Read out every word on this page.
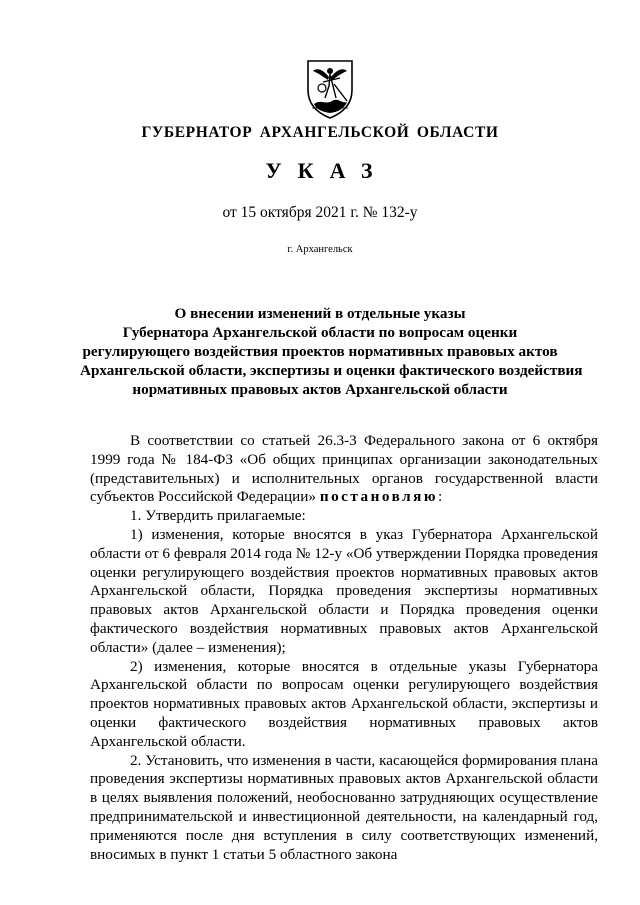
ГУБЕРНАТОР АРХАНГЕЛЬСКОЙ ОБЛАСТИ
УКАЗ
от 15 октября 2021 г. № 132-у
г. Архангельск
О внесении изменений в отдельные указы
Губернатора Архангельской области по вопросам оценки
регулирующего воздействия проектов нормативных правовых актов
Архангельской области, экспертизы и оценки фактического воздействия
нормативных правовых актов Архангельской области

В соответствии со статьей 26.3-3 Федерального закона от 6 октября 1999 года № 184-ФЗ «Об общих принципах организации законодательных (представительных) и исполнительных органов государственной власти субъектов Российской Федерации» постановляю:

1. Утвердить прилагаемые:

1) изменения, которые вносятся в указ Губернатора Архангельской области от 6 февраля 2014 года № 12-у «Об утверждении Порядка проведения оценки регулирующего воздействия проектов нормативных правовых актов Архангельской области, Порядка проведения экспертизы нормативных правовых актов Архангельской области и Порядка проведения оценки фактического воздействия нормативных правовых актов Архангельской области» (далее – изменения);

2) изменения, которые вносятся в отдельные указы Губернатора Архангельской области по вопросам оценки регулирующего воздействия проектов нормативных правовых актов Архангельской области, экспертизы и оценки фактического воздействия нормативных правовых актов Архангельской области.

2. Установить, что изменения в части, касающейся формирования плана проведения экспертизы нормативных правовых актов Архангельской области в целях выявления положений, необоснованно затрудняющих осуществление предпринимательской и инвестиционной деятельности, на календарный год, применяются после дня вступления в силу соответствующих изменений, вносимых в пункт 1 статьи 5 областного закона
